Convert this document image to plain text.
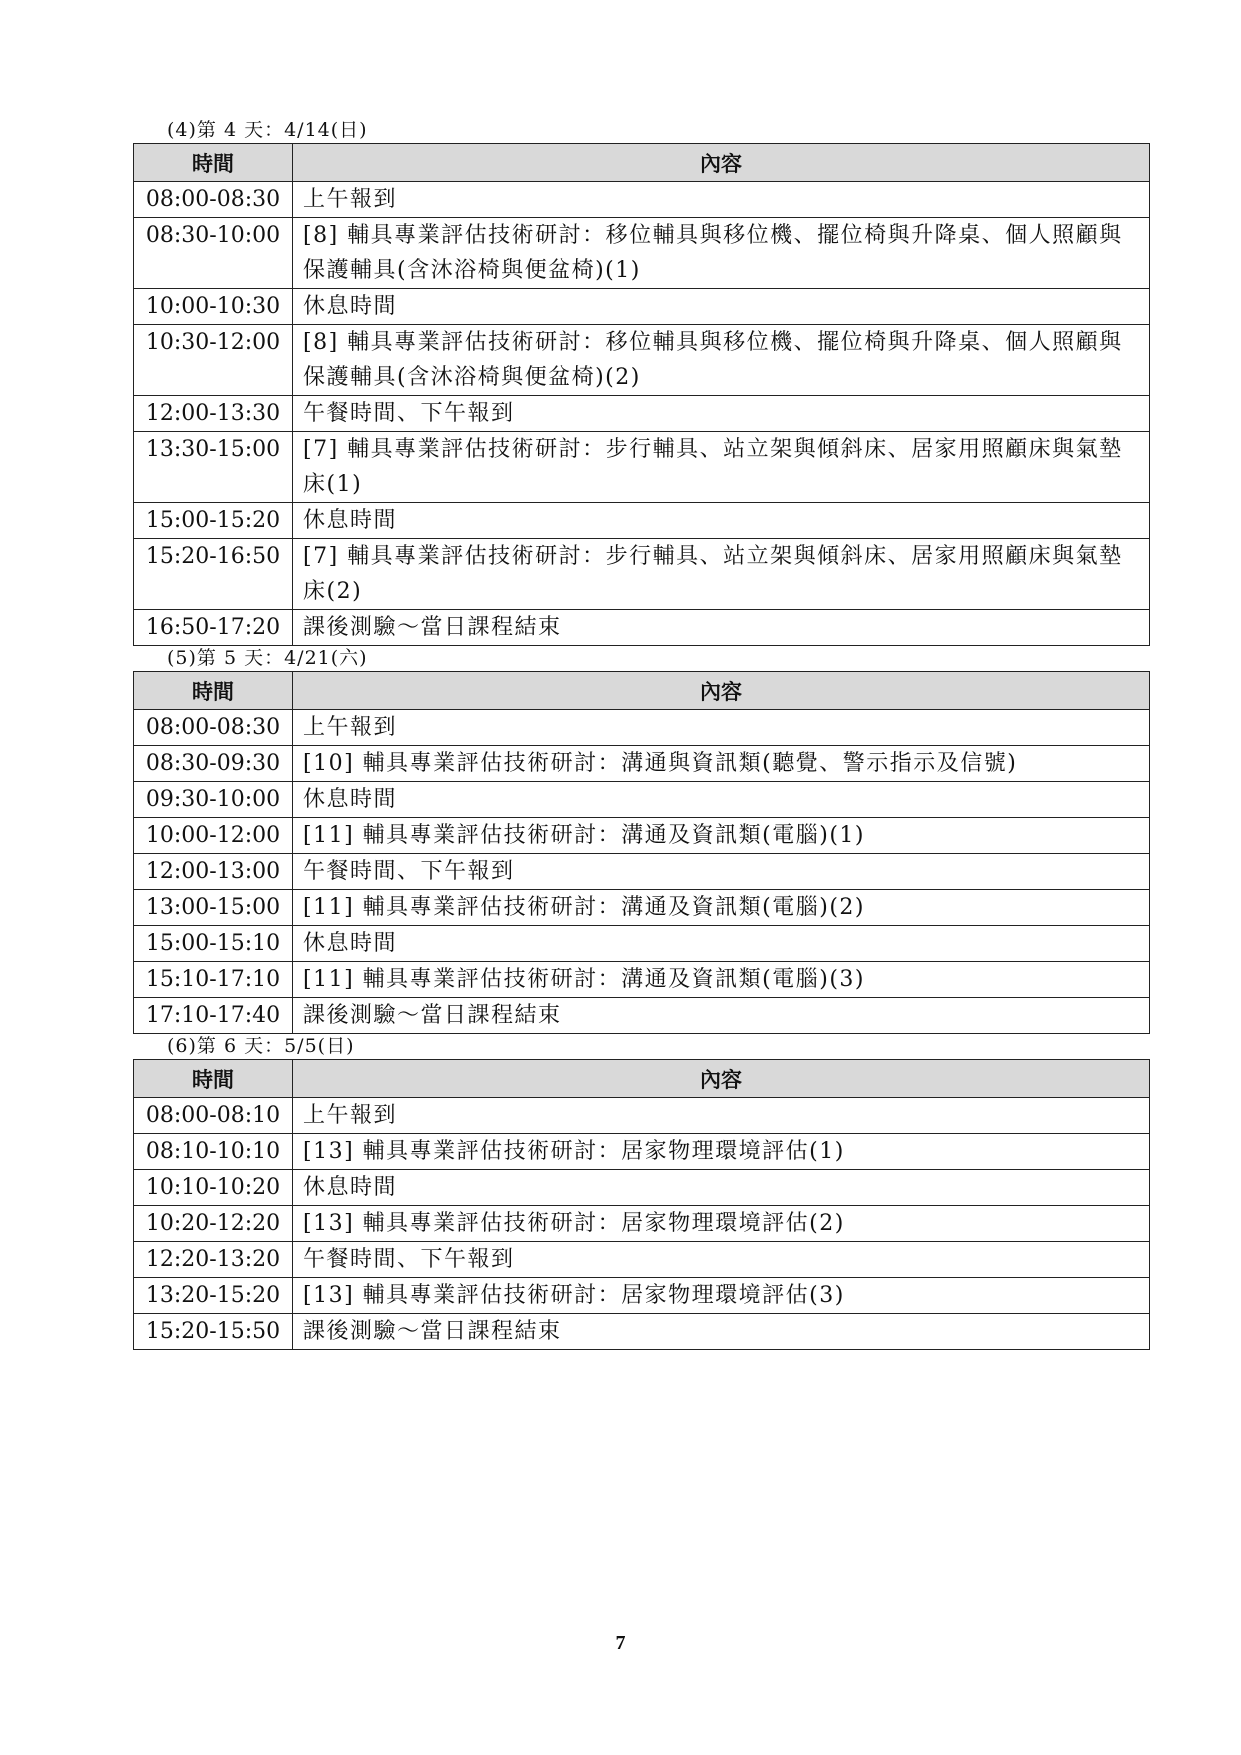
(4)第 4 天：4/14(日)
時間	內容
08:00-08:30	上午報到
08:30-10:00	[8] 輔具專業評估技術研討：移位輔具與移位機、擺位椅與升降桌、個人照顧與保護輔具(含沐浴椅與便盆椅)(1)
10:00-10:30	休息時間
10:30-12:00	[8] 輔具專業評估技術研討：移位輔具與移位機、擺位椅與升降桌、個人照顧與保護輔具(含沐浴椅與便盆椅)(2)
12:00-13:30	午餐時間、下午報到
13:30-15:00	[7] 輔具專業評估技術研討：步行輔具、站立架與傾斜床、居家用照顧床與氣墊床(1)
15:00-15:20	休息時間
15:20-16:50	[7] 輔具專業評估技術研討：步行輔具、站立架與傾斜床、居家用照顧床與氣墊床(2)
16:50-17:20	課後測驗～當日課程結束
(5)第 5 天：4/21(六)
時間	內容
08:00-08:30	上午報到
08:30-09:30	[10] 輔具專業評估技術研討：溝通與資訊類(聽覺、警示指示及信號)
09:30-10:00	休息時間
10:00-12:00	[11] 輔具專業評估技術研討：溝通及資訊類(電腦)(1)
12:00-13:00	午餐時間、下午報到
13:00-15:00	[11] 輔具專業評估技術研討：溝通及資訊類(電腦)(2)
15:00-15:10	休息時間
15:10-17:10	[11] 輔具專業評估技術研討：溝通及資訊類(電腦)(3)
17:10-17:40	課後測驗～當日課程結束
(6)第 6 天：5/5(日)
時間	內容
08:00-08:10	上午報到
08:10-10:10	[13] 輔具專業評估技術研討：居家物理環境評估(1)
10:10-10:20	休息時間
10:20-12:20	[13] 輔具專業評估技術研討：居家物理環境評估(2)
12:20-13:20	午餐時間、下午報到
13:20-15:20	[13] 輔具專業評估技術研討：居家物理環境評估(3)
15:20-15:50	課後測驗～當日課程結束
7
